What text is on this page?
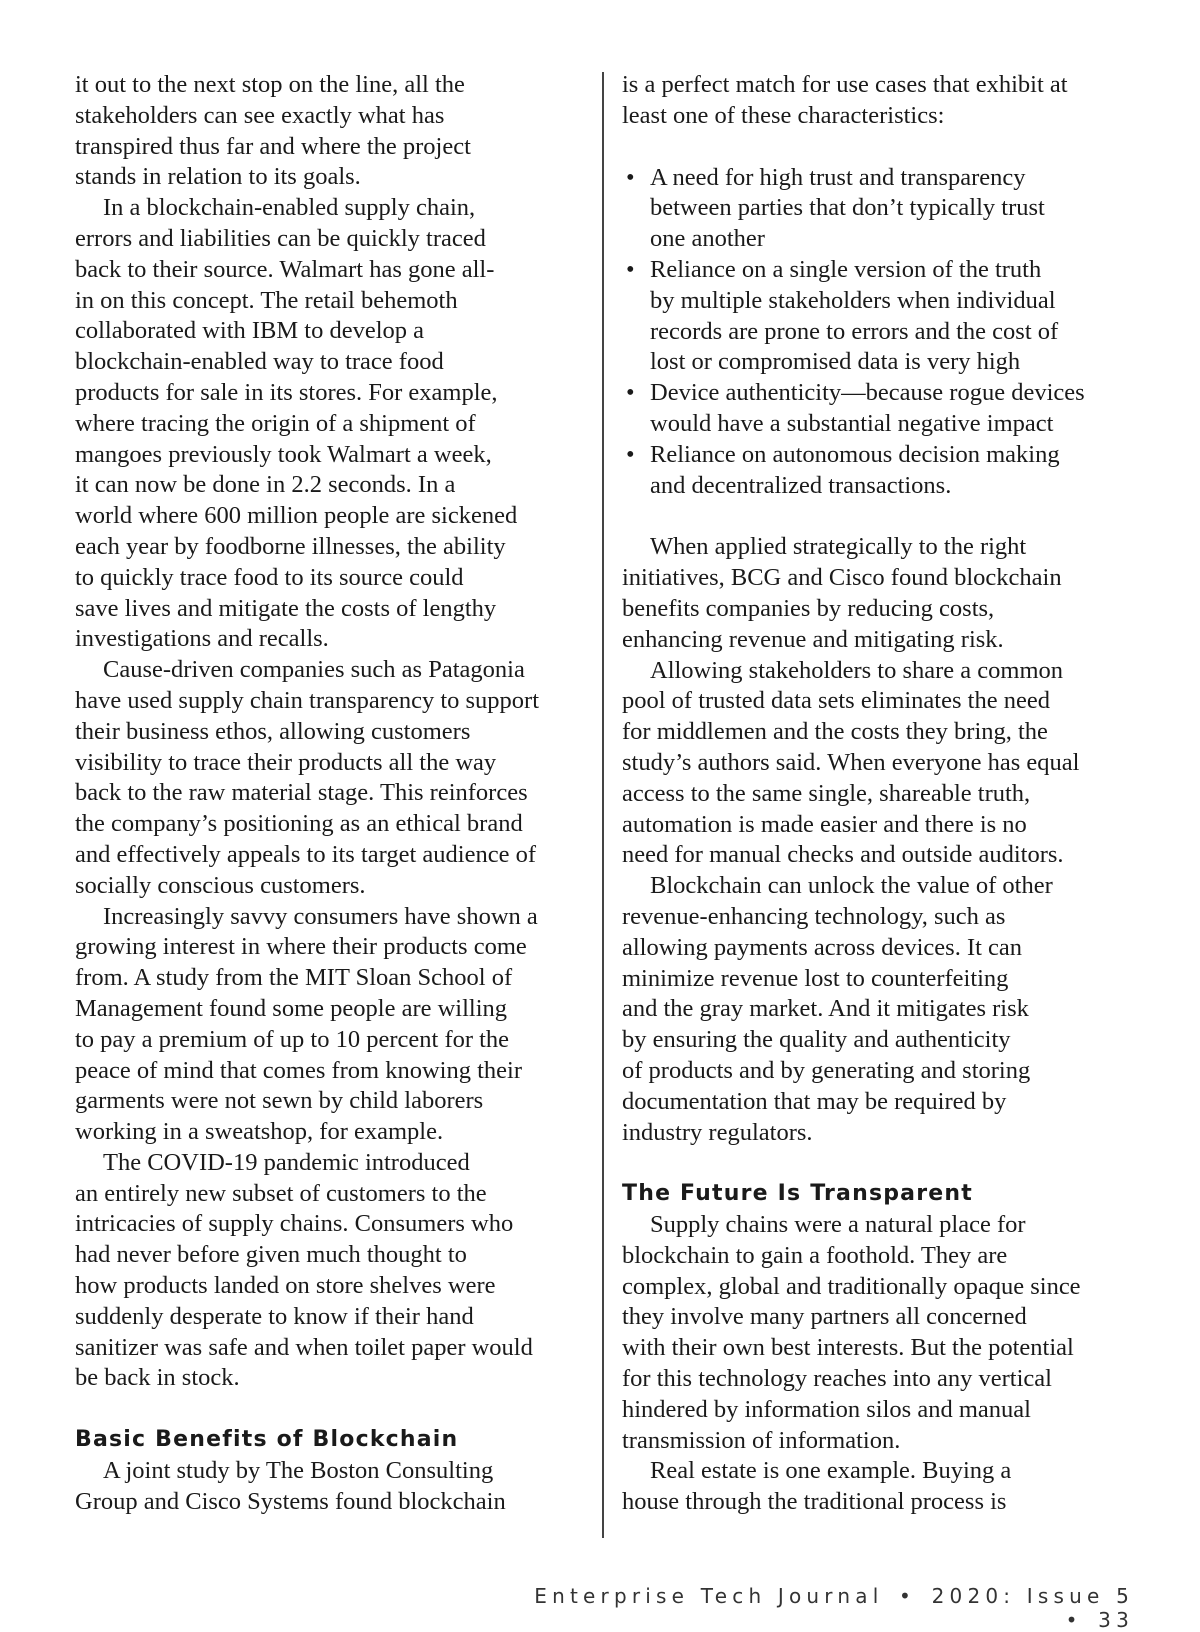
it out to the next stop on the line, all the
stakeholders can see exactly what has
transpired thus far and where the project
stands in relation to its goals.

In a blockchain-enabled supply chain,
errors and liabilities can be quickly traced
back to their source. Walmart has gone all-
in on this concept. The retail behemoth
collaborated with IBM to develop a
blockchain-enabled way to trace food
products for sale in its stores. For example,
where tracing the origin of a shipment of
mangoes previously took Walmart a week,
it can now be done in 2.2 seconds. In a
world where 600 million people are sickened
each year by foodborne illnesses, the ability
to quickly trace food to its source could
save lives and mitigate the costs of lengthy
investigations and recalls.

Cause-driven companies such as Patagonia
have used supply chain transparency to support
their business ethos, allowing customers
visibility to trace their products all the way
back to the raw material stage. This reinforces
the company’s positioning as an ethical brand
and effectively appeals to its target audience of
socially conscious customers.

Increasingly savvy consumers have shown a
growing interest in where their products come
from. A study from the MIT Sloan School of
Management found some people are willing
to pay a premium of up to 10 percent for the
peace of mind that comes from knowing their
garments were not sewn by child laborers
working in a sweatshop, for example.

The COVID-19 pandemic introduced
an entirely new subset of customers to the
intricacies of supply chains. Consumers who
had never before given much thought to
how products landed on store shelves were
suddenly desperate to know if their hand
sanitizer was safe and when toilet paper would
be back in stock.

Basic Benefits of Blockchain

A joint study by The Boston Consulting
Group and Cisco Systems found blockchain

is a perfect match for use cases that exhibit at
least one of these characteristics:

• A need for high trust and transparency
between parties that don’t typically trust
one another
• Reliance on a single version of the truth
by multiple stakeholders when individual
records are prone to errors and the cost of
lost or compromised data is very high
• Device authenticity—because rogue devices
would have a substantial negative impact
• Reliance on autonomous decision making
and decentralized transactions.

When applied strategically to the right
initiatives, BCG and Cisco found blockchain
benefits companies by reducing costs,
enhancing revenue and mitigating risk.

Allowing stakeholders to share a common
pool of trusted data sets eliminates the need
for middlemen and the costs they bring, the
study’s authors said. When everyone has equal
access to the same single, shareable truth,
automation is made easier and there is no
need for manual checks and outside auditors.

Blockchain can unlock the value of other
revenue-enhancing technology, such as
allowing payments across devices. It can
minimize revenue lost to counterfeiting
and the gray market. And it mitigates risk
by ensuring the quality and authenticity
of products and by generating and storing
documentation that may be required by
industry regulators.

The Future Is Transparent

Supply chains were a natural place for
blockchain to gain a foothold. They are
complex, global and traditionally opaque since
they involve many partners all concerned
with their own best interests. But the potential
for this technology reaches into any vertical
hindered by information silos and manual
transmission of information.

Real estate is one example. Buying a
house through the traditional process is

Enterprise Tech Journal • 2020: Issue 5 • 33
